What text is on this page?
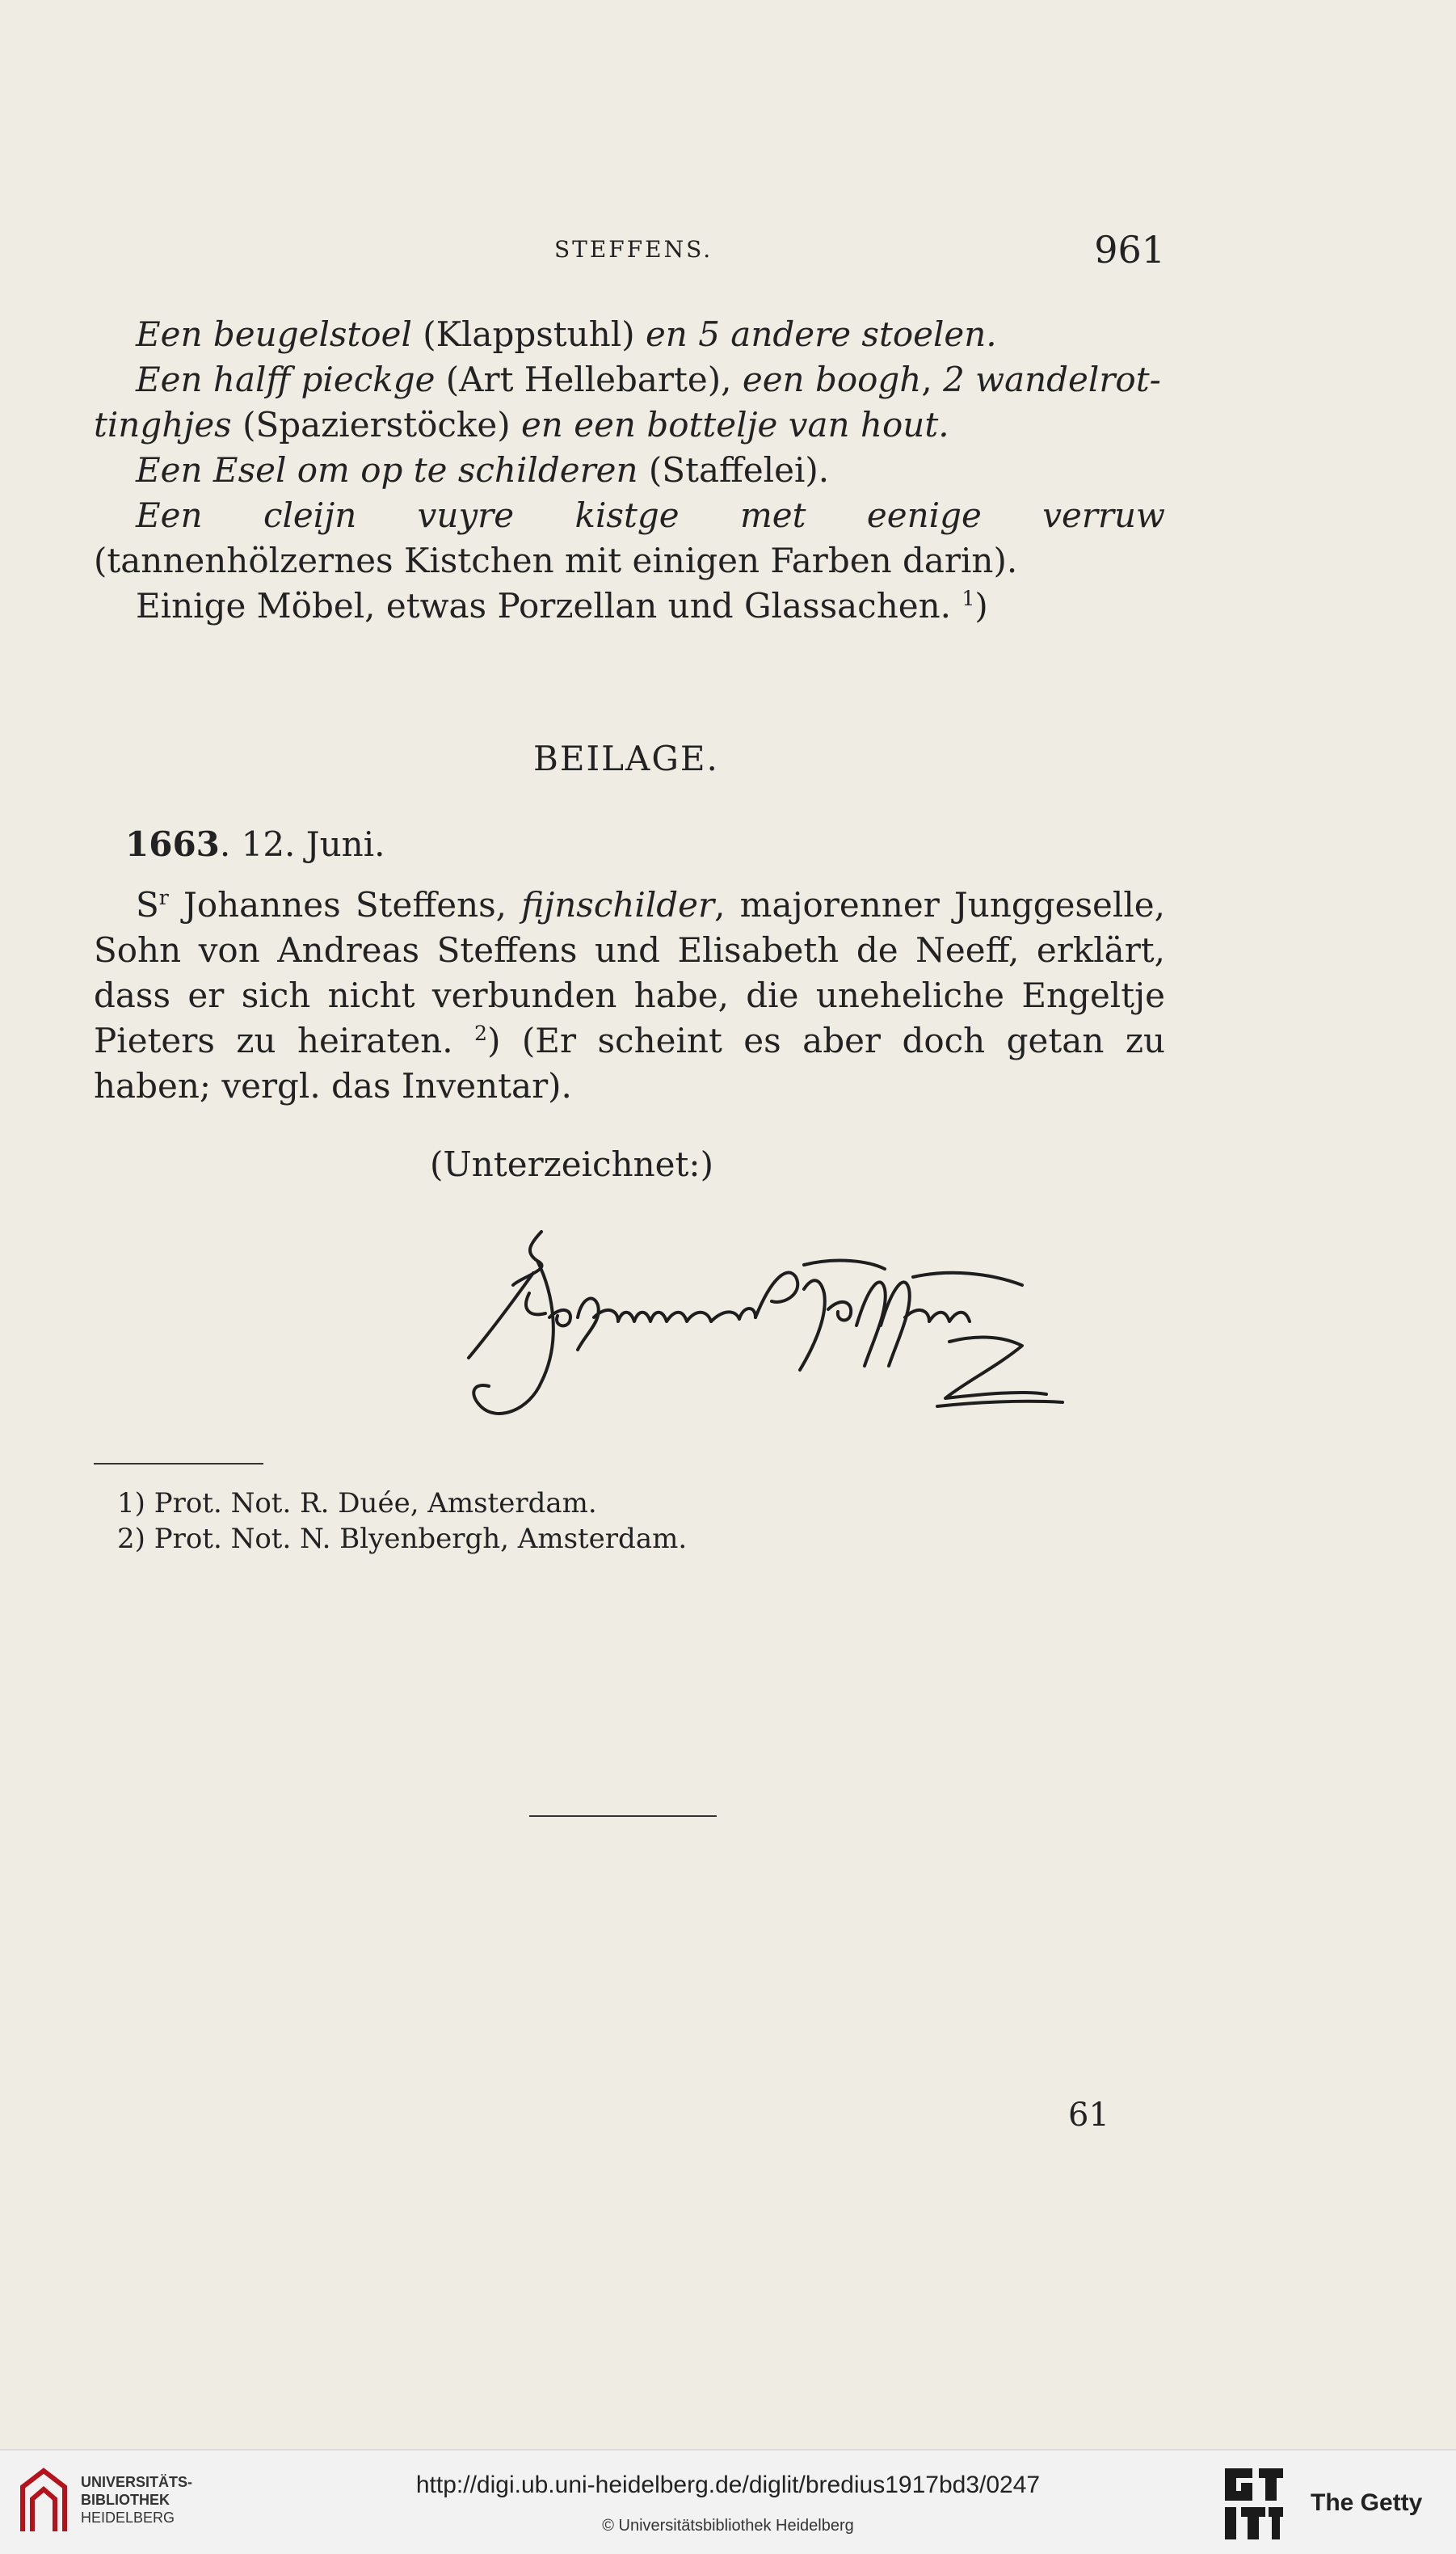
STEFFENS.	961

Een beugelstoel (Klappstuhl) en 5 andere stoelen.

Een halff pieckge (Art Hellebarte), een boogh, 2 wandelrot-
tinghjes (Spazierstöcke) en een bottelje van hout.

Een Esel om op te schilderen (Staffelei).

Een cleijn vuyre kistge met eenige verruw (tannenhölzernes Kistchen mit einigen Farben darin).

Einige Möbel, etwas Porzellan und Glassachen. $^1$)

BEILAGE.
1663. 12. Juni.

$S^r$ Johannes Steffens, fijnschilder, majorenner Junggeselle, Sohn von Andreas Steffens und Elisabeth de Neeff, erklärt, dass er sich nicht verbunden habe, die uneheliche Engeltje Pieters zu heiraten. $^2$) (Er scheint es aber doch getan zu haben; vergl. das Inventar).

(Unterzeichnet:)

1) Prot. Not. R. Duée, Amsterdam.

2) Prot. Not. N. Blyenbergh, Amsterdam.

61
UNIVERSITÄTS-
BIBLIOTHEK
HEIDELBERG
http://digi.ub.uni-heidelberg.de/diglit/bredius1917bd3/0247
© Universitätsbibliothek Heidelberg
The Getty
